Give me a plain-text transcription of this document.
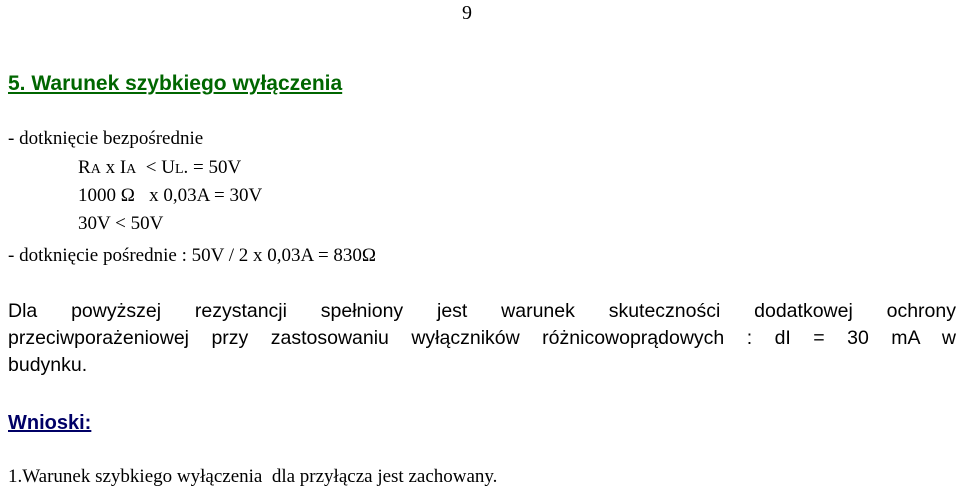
9
5. Warunek szybkiego wyłączenia
- dotknięcie bezpośrednie
RA x IA  < UL. = 50V
1000 Ω   x 0,03A = 30V
30V < 50V
- dotknięcie pośrednie : 50V / 2 x 0,03A = 830Ω
Dla powyższej rezystancji spełniony jest warunek skuteczności dodatkowej ochrony
przeciwporażeniowej przy zastosowaniu wyłączników różnicowoprądowych : dI = 30 mA w
budynku.
Wnioski:
1.Warunek szybkiego wyłączenia  dla przyłącza jest zachowany.
